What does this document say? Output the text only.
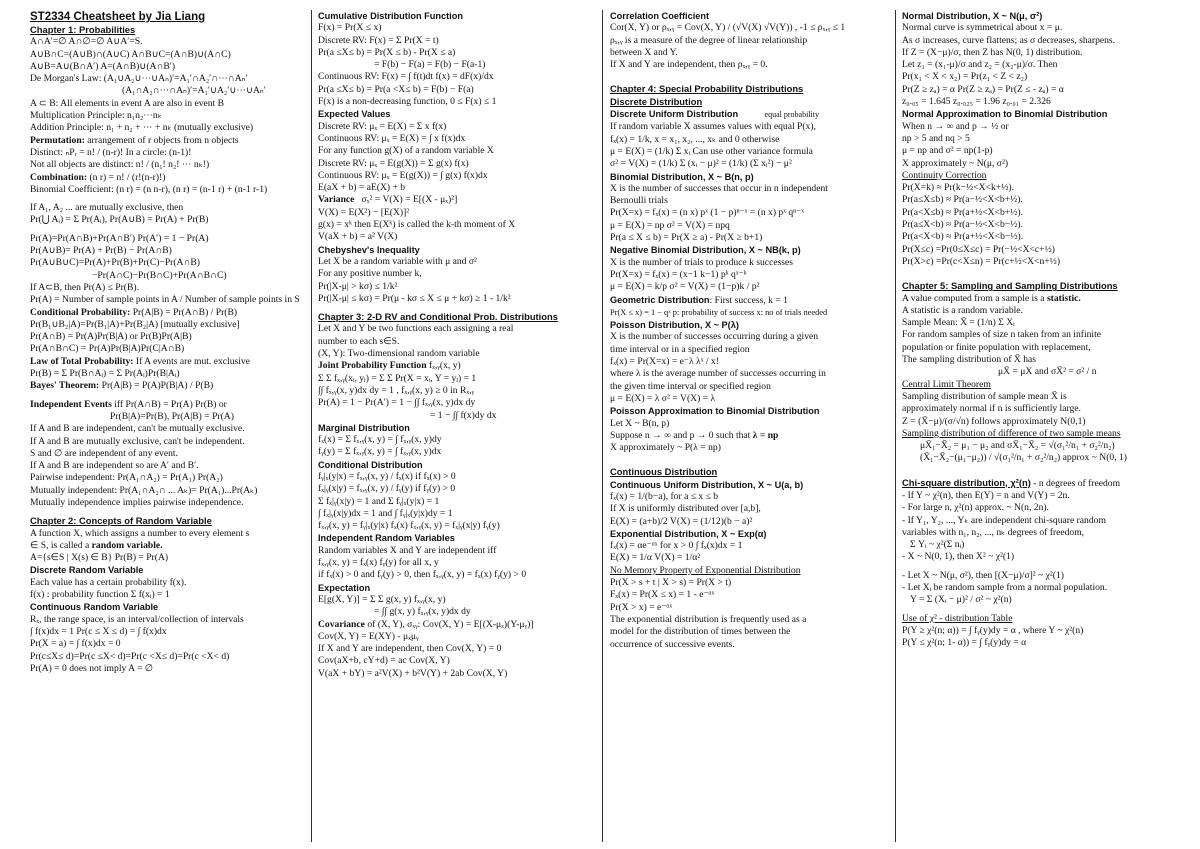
ST2334 Cheatsheet by Jia Liang
Chapter 1: Probabilities
A∩A′=∅ A∩∅=∅ A∪A′=S.
A∪B∩C=(A∪B)∩(A∪C) A∩B∪C=(A∩B)∪(A∩C)
A∪B=A∪(B∩A′) A=(A∩B)∪(A∩B′)
De Morgan's Law: (A₁∪A₂∪⋯∪Aₙ)′=A₁′∩A₂′∩⋯∩Aₙ′
(A₁∩A₂∩⋯∩Aₙ)′=A₁′∪A₂′∪⋯∪Aₙ′
A ⊂ B: All elements in event A are also in event B
Multiplication Principle: n₁n₂⋯nₖ
Addition Principle: n₁ + n₂ + ⋯ + nₖ (mutually exclusive)
Permutation: arrangement of r objects from n objects
Distinct: ₙPᵣ = n! / (n-r)! In a circle: (n-1)!
Not all objects are distinct: n! / (n₁! n₂! ⋯ nₖ!)
Combination: (n r) = n! / (r!(n-r)!)
Binomial Coefficient: (n r) = (n n-r), (n r) = (n-1 r) + (n-1 r-1)
If A₁, A₂ ... are mutually exclusive, then
Pr(⋃ Aᵢ) = Σ Pr(Aᵢ), Pr(A∪B) = Pr(A) + Pr(B)
Pr(A)=Pr(A∩B)+Pr(A∩B′) Pr(A′) = 1 − Pr(A)
Pr(A∪B)= Pr(A) + Pr(B) − Pr(A∩B)
Pr(A∪B∪C)=Pr(A)+Pr(B)+Pr(C)−Pr(A∩B)
−Pr(A∩C)−Pr(B∩C)+Pr(A∩B∩C)
If A⊂B, then Pr(A) ≤ Pr(B).
Pr(A) = Number of sample points in A / Number of sample points in S
Conditional Probability: Pr(A|B) = Pr(A∩B) / Pr(B)
Pr(B₁∪B₂|A)=Pr(B₁|A)+Pr(B₂|A) [mutually exclusive]
Pr(A∩B) = Pr(A)Pr(B|A) or Pr(B)Pr(A|B)
Pr(A∩B∩C) = Pr(A)Pr(B|A)Pr(C|A∩B)
Law of Total Probability: If A events are mut. exclusive
Pr(B) = Σ Pr(B∩Aᵢ) = Σ Pr(Aᵢ)Pr(B|Aᵢ)
Bayes' Theorem: Pr(A|B) = P(A)P(B|A) / P(B)
Independent Events iff Pr(A∩B) = Pr(A) Pr(B) or
Pr(B|A)=Pr(B), Pr(A|B) = Pr(A)
If A and B are independent, can't be mutually exclusive.
If A and B are mutually exclusive, can't be independent.
S and ∅ are independent of any event.
If A and B are independent so are A′ and B′.
Pairwise independent: Pr(A₁∩A₂) = Pr(A₁) Pr(A₂)
Mutually independent: Pr(A₁∩A₂∩ ... Aₖ)= Pr(A₁)...Pr(Aₖ)
Mutually independence implies pairwise independence.
Chapter 2: Concepts of Random Variable
A function X, which assigns a number to every element s
∈ S, is called a random variable.
A={s∈S | X(s) ∈ B} Pr(B) = Pr(A)
Discrete Random Variable
Each value has a certain probability f(x).
f(x) : probability function Σ f(xᵢ) = 1
Continuous Random Variable
Rₓ, the range space, is an interval/collection of intervals
∫ f(x)dx = 1 Pr(c ≤ X ≤ d) = ∫ f(x)dx
Pr(X = a) = ∫ f(x)dx = 0
Pr(c≤X≤ d)=Pr(c ≤X< d)=Pr(c <X≤ d)=Pr(c <X< d)
Pr(A) = 0 does not imply A = ∅
Cumulative Distribution Function
F(x) = Pr(X ≤ x)
Discrete RV: F(x) = Σ Pr(X = t)
Pr(a ≤X≤ b) = Pr(X ≤ b) - Pr(X ≤ a)
= F(b) − F(a) = F(b) − F(a-1)
Continuous RV: F(x) = ∫ f(t)dt f(x) = dF(x)/dx
Pr(a ≤X≤ b) = Pr(a <X≤ b) = F(b) − F(a)
F(x) is a non-decreasing function, 0 ≤ F(x) ≤ 1
Expected Values
Discrete RV: μₓ = E(X) = Σ x f(x)
Continuous RV: μₓ = E(X) = ∫ x f(x)dx
For any function g(X) of a random variable X
Discrete RV: μₓ = E(g(X)) = Σ g(x) f(x)
Continuous RV: μₓ = E(g(X)) = ∫ g(x) f(x)dx
E(aX + b) = aE(X) + b
Variance σₓ² = V(X) = E[(X - μₓ)²]
V(X) = E(X²) − [E(X)]²
g(x) = xᵏ then E(Xᵏ) is called the k-th moment of X
V(aX + b) = a² V(X)
Chebyshev's Inequality
Let X be a random variable with μ and σ²
For any positive number k,
Pr(|X-μ| > kσ) ≤ 1/k²
Pr(|X-μ| ≤ kσ) = Pr(μ - kσ ≤ X ≤ μ + kσ) ≥ 1 - 1/k²
Chapter 3: 2-D RV and Conditional Prob. Distributions
Let X and Y be two functions each assigning a real
number to each s∈S.
(X, Y): Two-dimensional random variable
Joint Probability Function fₓ,ᵧ(x, y)
Σ Σ fₓ,ᵧ(xᵢ, yⱼ) = Σ Σ Pr(X = xᵢ, Y = yⱼ) = 1
∫∫ fₓ,ᵧ(x, y)dx dy = 1 , fₓ,ᵧ(x, y) ≥ 0 in Rₓ,ᵧ
Pr(A) = 1 − Pr(A′) = 1 − ∫∫ fₓ,ᵧ(x, y)dx dy
= 1 − ∫∫ f(x)dy dx
Marginal Distribution
fₓ(x) = Σ fₓ,ᵧ(x, y) = ∫ fₓ,ᵧ(x, y)dy
fᵧ(y) = Σ fₓ,ᵧ(x, y) = ∫ fₓ,ᵧ(x, y)dx
Conditional Distribution
fᵧ|ₓ(y|x) = fₓ,ᵧ(x, y) / fₓ(x) if fₓ(x) > 0
fₓ|ᵧ(x|y) = fₓ,ᵧ(x, y) / fᵧ(y) if fᵧ(y) > 0
Σ fₓ|ᵧ(x|y) = 1 and Σ fᵧ|ₓ(y|x) = 1
∫ fₓ|ᵧ(x|y)dx = 1 and ∫ fᵧ|ₓ(y|x)dy = 1
fₓ,ᵧ(x, y) = fᵧ|ₓ(y|x) fₓ(x) fₓ,ᵧ(x, y) = fₓ|ᵧ(x|y) fᵧ(y)
Independent Random Variables
Random variables X and Y are independent iff
fₓ,ᵧ(x, y) = fₓ(x) fᵧ(y) for all x, y
if fₓ(x) > 0 and fᵧ(y) > 0, then fₓ,ᵧ(x, y) = fₓ(x) fᵧ(y) > 0
Expectation
E[g(X, Y)] = Σ Σ g(x, y) fₓ,ᵧ(x, y)
= ∫∫ g(x, y) fₓ,ᵧ(x, y)dx dy
Covariance of (X, Y), σₓᵧ: Cov(X, Y) = E[(X-μₓ)(Y-μᵧ)]
Cov(X, Y) = E(XY) - μₓμᵧ
If X and Y are independent, then Cov(X, Y) = 0
Cov(aX+b, cY+d) = ac Cov(X, Y)
V(aX + bY) = a²V(X) + b²V(Y) + 2ab Cov(X, Y)
Correlation Coefficient
Cor(X, Y) or ρₓ,ᵧ = Cov(X, Y) / (√V(X) √V(Y)) , -1 ≤ ρₓ,ᵧ ≤ 1
ρₓ,ᵧ is a measure of the degree of linear relationship
between X and Y.
If X and Y are independent, then ρₓ,ᵧ = 0.
Chapter 4: Special Probability Distributions
Discrete Distribution
Discrete Uniform Distribution	equal probability
If random variable X assumes values with equal P(x),
fₓ(x) = 1/k, x = x₁, x₂, ..., xₖ and 0 otherwise
μ = E(X) = (1/k) Σ xᵢ Can use other variance formula
σ² = V(X) = (1/k) Σ (xᵢ − μ)² = (1/k) (Σ xᵢ²) − μ²
Binomial Distribution, X ~ B(n, p)
X is the number of successes that occur in n independent
Bernoulli trials
Pr(X=x) = fₓ(x) = (n x) pˣ (1 − p)ⁿ⁻ˣ = (n x) pˣ qⁿ⁻ˣ
μ = E(X) = np σ² = V(X) = npq
Pr(a ≤ X ≤ b) = Pr(X ≥ a) - Pr(X ≥ b+1)
Negative Binomial Distribution, X ~ NB(k, p)
X is the number of trials to produce k successes
Pr(X=x) = fₓ(x) = (x−1 k−1) pᵏ qˣ⁻ᵏ
μ = E(X) = k/p σ² = V(X) = (1−p)k / p²
Geometric Distribution: First success, k = 1
Pr(X ≤ x) = 1 − qˣ p: probability of success x: no of trials needed
Poisson Distribution, X ~ P(λ)
X is the number of successes occurring during a given
time interval or in a specified region
fₓ(x) = Pr(X=x) = e⁻λ λˣ / x!
where λ is the average number of successes occurring in
the given time interval or specified region
μ = E(X) = λ σ² = V(X) = λ
Poisson Approximation to Binomial Distribution
Let X ~ B(n, p)
Suppose n → ∞ and p → 0 such that λ = np
X approximately ~ P(λ = np)
Continuous Distribution
Continuous Uniform Distribution, X ~ U(a, b)
fₓ(x) = 1/(b−a), for a ≤ x ≤ b
If X is uniformly distributed over [a,b],
E(X) = (a+b)/2 V(X) = (1/12)(b − a)²
Exponential Distribution, X ~ Exp(α)
fₓ(x) = αe⁻ᵅˣ for x > 0 ∫ fₓ(x)dx = 1
E(X) = 1/α V(X) = 1/α²
No Memory Property of Exponential Distribution
Pr(X > s + t | X > s) = Pr(X > t)
Fₓ(x) = Pr(X ≤ x) = 1 - e⁻ᵅˣ
Pr(X > x) = e⁻ᵅˣ
The exponential distribution is frequently used as a
model for the distribution of times between the
occurrence of successive events.
Normal Distribution, X ~ N(μ, σ²)
Normal curve is symmetrical about x = μ.
As σ increases, curve flattens; as σ decreases, sharpens.
If Z = (X−μ)/σ, then Z has N(0, 1) distribution.
Let z₁ = (x₁-μ)/σ and z₂ = (x₂-μ)/σ. Then
Pr(x₁ < X < x₂) = Pr(z₁ < Z < z₂)
Pr(Z ≥ zₐ) = α Pr(Z ≥ zₐ) = Pr(Z ≤ - zₐ) = α
z₀.₀₅ = 1.645 z₀.₀₂₅ = 1.96 z₀.₀₁ = 2.326
Normal Approximation to Binomial Distribution
When n → ∞ and p → ½ or
np > 5 and nq > 5
μ = np and σ² = np(1-p)
X approximately ~ N(μ, σ²)
Continuity Correction
Pr(X=k) ≈ Pr(k−½<X<k+½).
Pr(a≤X≤b) ≈ Pr(a−½<X<b+½).
Pr(a<X≤b) ≈ Pr(a+½<X<b+½).
Pr(a≤X<b) ≈ Pr(a−½<X<b−½).
Pr(a<X<b) ≈ Pr(a+½<X<b−½).
Pr(X≤c) =Pr(0≤X≤c) = Pr(−½<X<c+½)
Pr(X>c) =Pr(c<X≤n) = Pr(c+½<X<n+½)
Chapter 5: Sampling and Sampling Distributions
A value computed from a sample is a statistic.
A statistic is a random variable.
Sample Mean: X̄ = (1/n) Σ Xᵢ
For random samples of size n taken from an infinite
population or finite population with replacement,
The sampling distribution of X̄ has
μX̄ = μX and σX̄² = σ² / n
Central Limit Theorem
Sampling distribution of sample mean X̄ is
approximately normal if n is sufficiently large.
Z = (X̄−μ)/(σ/√n) follows approximately N(0,1)
Sampling distribution of difference of two sample means
μX̄₁−X̄₂ = μ₁ − μ₂ and σX̄₁−X̄₂ = √(σ₁²/n₁ + σ₂²/n₂)
(X̄₁−X̄₂−(μ₁−μ₂)) / √(σ₁²/n₁ + σ₂²/n₂) approx ~ N(0, 1)
Chi-square distribution, χ²(n) - n degrees of freedom
- If Y ~ χ²(n), then E(Y) = n and V(Y) = 2n.
- For large n, χ²(n) approx. ~ N(n, 2n).
- If Y₁, Y₂, ..., Yₖ are independent chi-square random
variables with n₁, n₂, ..., nₖ degrees of freedom,
Σ Yᵢ ~ χ²(Σ nᵢ)
- X ~ N(0, 1), then X² ~ χ²(1)
- Let X ~ N(μ, σ²), then [(X−μ)/σ]² ~ χ²(1)
- Let Xᵢ be random sample from a normal population.
Y = Σ (Xᵢ − μ)² / σ² ~ χ²(n)
Use of χ² - distribution Table
P(Y ≥ χ²(n; α)) = ∫ fᵧ(y)dy = α , where Y ~ χ²(n)
P(Y ≤ χ²(n; 1- α)) = ∫ fᵧ(y)dy = α
